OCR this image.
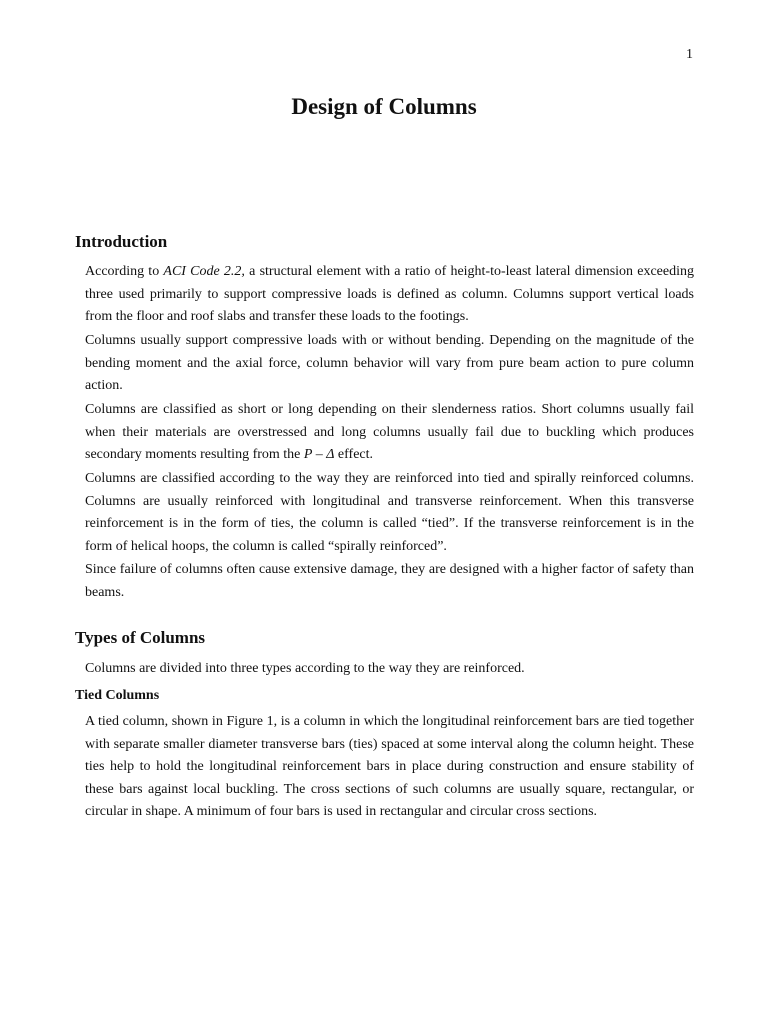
1
Design of Columns
Introduction

According to ACI Code 2.2, a structural element with a ratio of height-to-least lateral dimension exceeding three used primarily to support compressive loads is defined as column. Columns support vertical loads from the floor and roof slabs and transfer these loads to the footings.

Columns usually support compressive loads with or without bending. Depending on the magnitude of the bending moment and the axial force, column behavior will vary from pure beam action to pure column action.

Columns are classified as short or long depending on their slenderness ratios. Short columns usually fail when their materials are overstressed and long columns usually fail due to buckling which produces secondary moments resulting from the P – Δ effect.

Columns are classified according to the way they are reinforced into tied and spirally reinforced columns. Columns are usually reinforced with longitudinal and transverse reinforcement. When this transverse reinforcement is in the form of ties, the column is called “tied”. If the transverse reinforcement is in the form of helical hoops, the column is called “spirally reinforced”.

Since failure of columns often cause extensive damage, they are designed with a higher factor of safety than beams.

Types of Columns

Columns are divided into three types according to the way they are reinforced.

Tied Columns

A tied column, shown in Figure 1, is a column in which the longitudinal reinforcement bars are tied together with separate smaller diameter transverse bars (ties) spaced at some interval along the column height. These ties help to hold the longitudinal reinforcement bars in place during construction and ensure stability of these bars against local buckling. The cross sections of such columns are usually square, rectangular, or circular in shape. A minimum of four bars is used in rectangular and circular cross sections.
